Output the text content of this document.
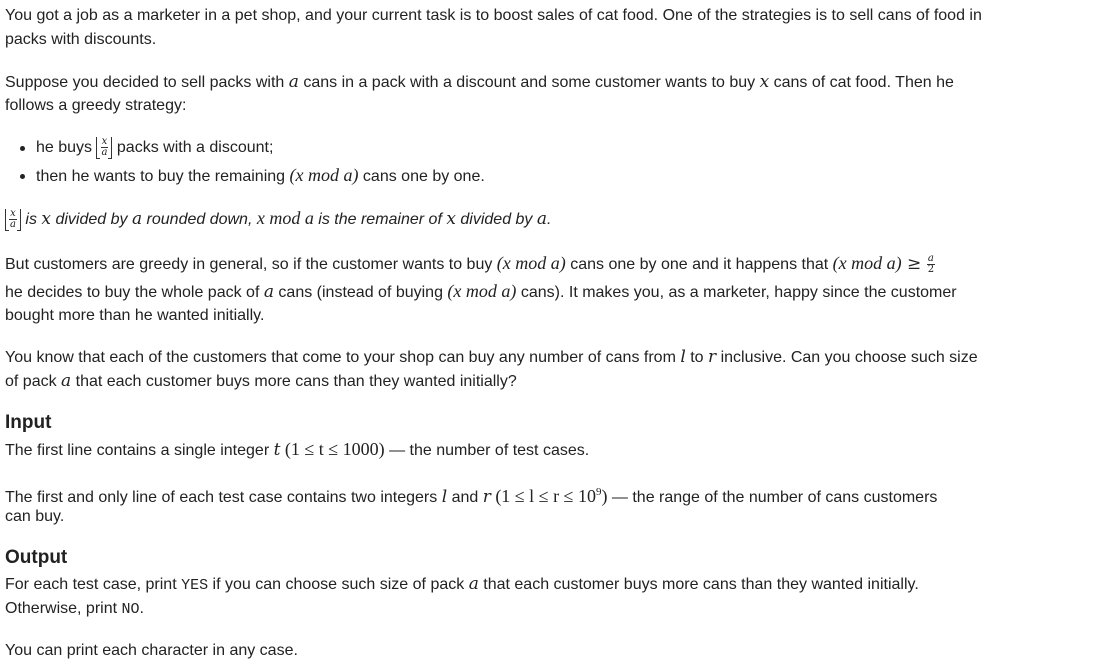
You got a job as a marketer in a pet shop, and your current task is to boost sales of cat food. One of the strategies is to sell cans of food in
packs with discounts.
Suppose you decided to sell packs with a cans in a pack with a discount and some customer wants to buy x cans of cat food. Then he
follows a greedy strategy:
he buys $\frac{x}{a}$ packs with a discount;
then he wants to buy the remaining (x mod a) cans one by one.
$\frac{x}{a}$ is x divided by a rounded down, x mod a is the remainer of x divided by a.
But customers are greedy in general, so if the customer wants to buy (x mod a) cans one by one and it happens that (x mod $a) \ge \frac{a}{2}$
he decides to buy the whole pack of a cans (instead of buying (x mod a) cans). It makes you, as a marketer, happy since the customer
bought more than he wanted initially.
You know that each of the customers that come to your shop can buy any number of cans from l to r inclusive. Can you choose such size
of pack a that each customer buys more cans than they wanted initially?
Input
The first line contains a single integer t (1 ≤ t ≤ 1000) — the number of test cases.
The first and only line of each test case contains two integers l and r $(1 \le l \le r \le 10^9)$ — the range of the number of cans customers
can buy.
Output
For each test case, print YES if you can choose such size of pack a that each customer buys more cans than they wanted initially.
Otherwise, print NO.
You can print each character in any case.
